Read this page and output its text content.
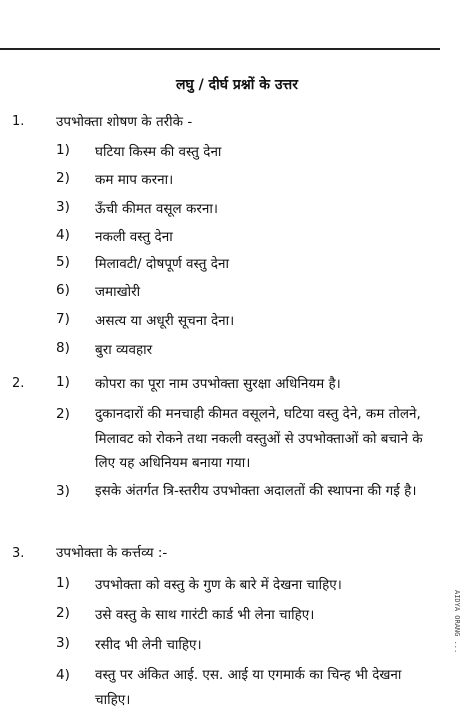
लघु / दीर्घ प्रश्नों के उत्तर
1. उपभोक्ता शोषण के तरीके -
1) घटिया किस्म की वस्तु देना
2) कम माप करना।
3) ऊँची कीमत वसूल करना।
4) नकली वस्तु देना
5) मिलावटी/ दोषपूर्ण वस्तु देना
6) जमाखोरी
7) असत्य या अधूरी सूचना देना।
8) बुरा व्यवहार
2. 1) कोपरा का पूरा नाम उपभोक्ता सुरक्षा अधिनियम है।
2) दुकानदारों की मनचाही कीमत वसूलने, घटिया वस्तु देने, कम तोलने, मिलावट को रोकने तथा नकली वस्तुओं से उपभोक्ताओं को बचाने के लिए यह अधिनियम बनाया गया।
3) इसके अंतर्गत त्रि-स्तरीय उपभोक्ता अदालतों की स्थापना की गई है।
3. उपभोक्ता के कर्त्तव्य :-
1) उपभोक्ता को वस्तु के गुण के बारे में देखना चाहिए।
2) उसे वस्तु के साथ गारंटी कार्ड भी लेना चाहिए।
3) रसीद भी लेनी चाहिए।
4) वस्तु पर अंकित आई. एस. आई या एगमार्क का चिन्ह भी देखना चाहिए।
AIDYA ORANG ...
